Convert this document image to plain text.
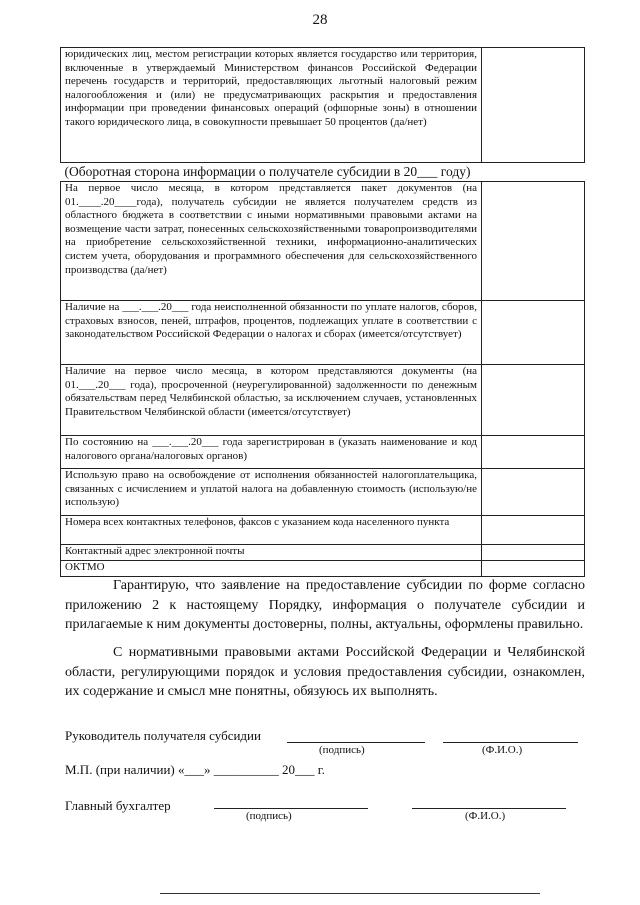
28
юридических лиц, местом регистрации которых является государство или территория, включенные в утверждаемый Министерством финансов Российской Федерации перечень государств и территорий, предоставляющих льготный налоговый режим налогообложения и (или) не предусматривающих раскрытия и предоставления информации при проведении финансовых операций (офшорные зоны) в отношении такого юридического лица, в совокупности превышает 50 процентов (да/нет)	
(Оборотная сторона информации о получателе субсидии в 20___ году)	
На первое число месяца, в котором представляется пакет документов (на 01.____.20____года), получатель субсидии не является получателем средств из областного бюджета в соответствии с иными нормативными правовыми актами на возмещение части затрат, понесенных сельскохозяйственными товаропроизводителями на приобретение сельскохозяйственной техники, информационно-аналитических систем учета, оборудования и программного обеспечения для сельскохозяйственного производства (да/нет)	
Наличие на ___.___.20___ года неисполненной обязанности по уплате налогов, сборов, страховых взносов, пеней, штрафов, процентов, подлежащих уплате в соответствии с законодательством Российской Федерации о налогах и сборах (имеется/отсутствует)	
Наличие на первое число месяца, в котором представляются документы (на 01.___.20___ года), просроченной (неурегулированной) задолженности по денежным обязательствам перед Челябинской областью, за исключением случаев, установленных Правительством Челябинской области (имеется/отсутствует)	
По состоянию на ___.___.20___ года зарегистрирован в (указать наименование и код налогового органа/налоговых органов)	
Использую право на освобождение от исполнения обязанностей налогоплательщика, связанных с исчислением и уплатой налога на добавленную стоимость (использую/не использую)	
Номера всех контактных телефонов, факсов с указанием кода населенного пункта	
Контактный адрес электронной почты	
ОКТМО	
Гарантирую, что заявление на предоставление субсидии по форме согласно приложению 2 к настоящему Порядку, информация о получателе субсидии и прилагаемые к ним документы достоверны, полны, актуальны, оформлены правильно.
С нормативными правовыми актами Российской Федерации и Челябинской области, регулирующими порядок и условия предоставления субсидии, ознакомлен, их содержание и смысл мне понятны, обязуюсь их выполнять.
Руководитель получателя субсидии
(подпись)	(Ф.И.О.)
М.П. (при наличии) «___» __________ 20___ г.
Главный бухгалтер
(подпись)	(Ф.И.О.)
